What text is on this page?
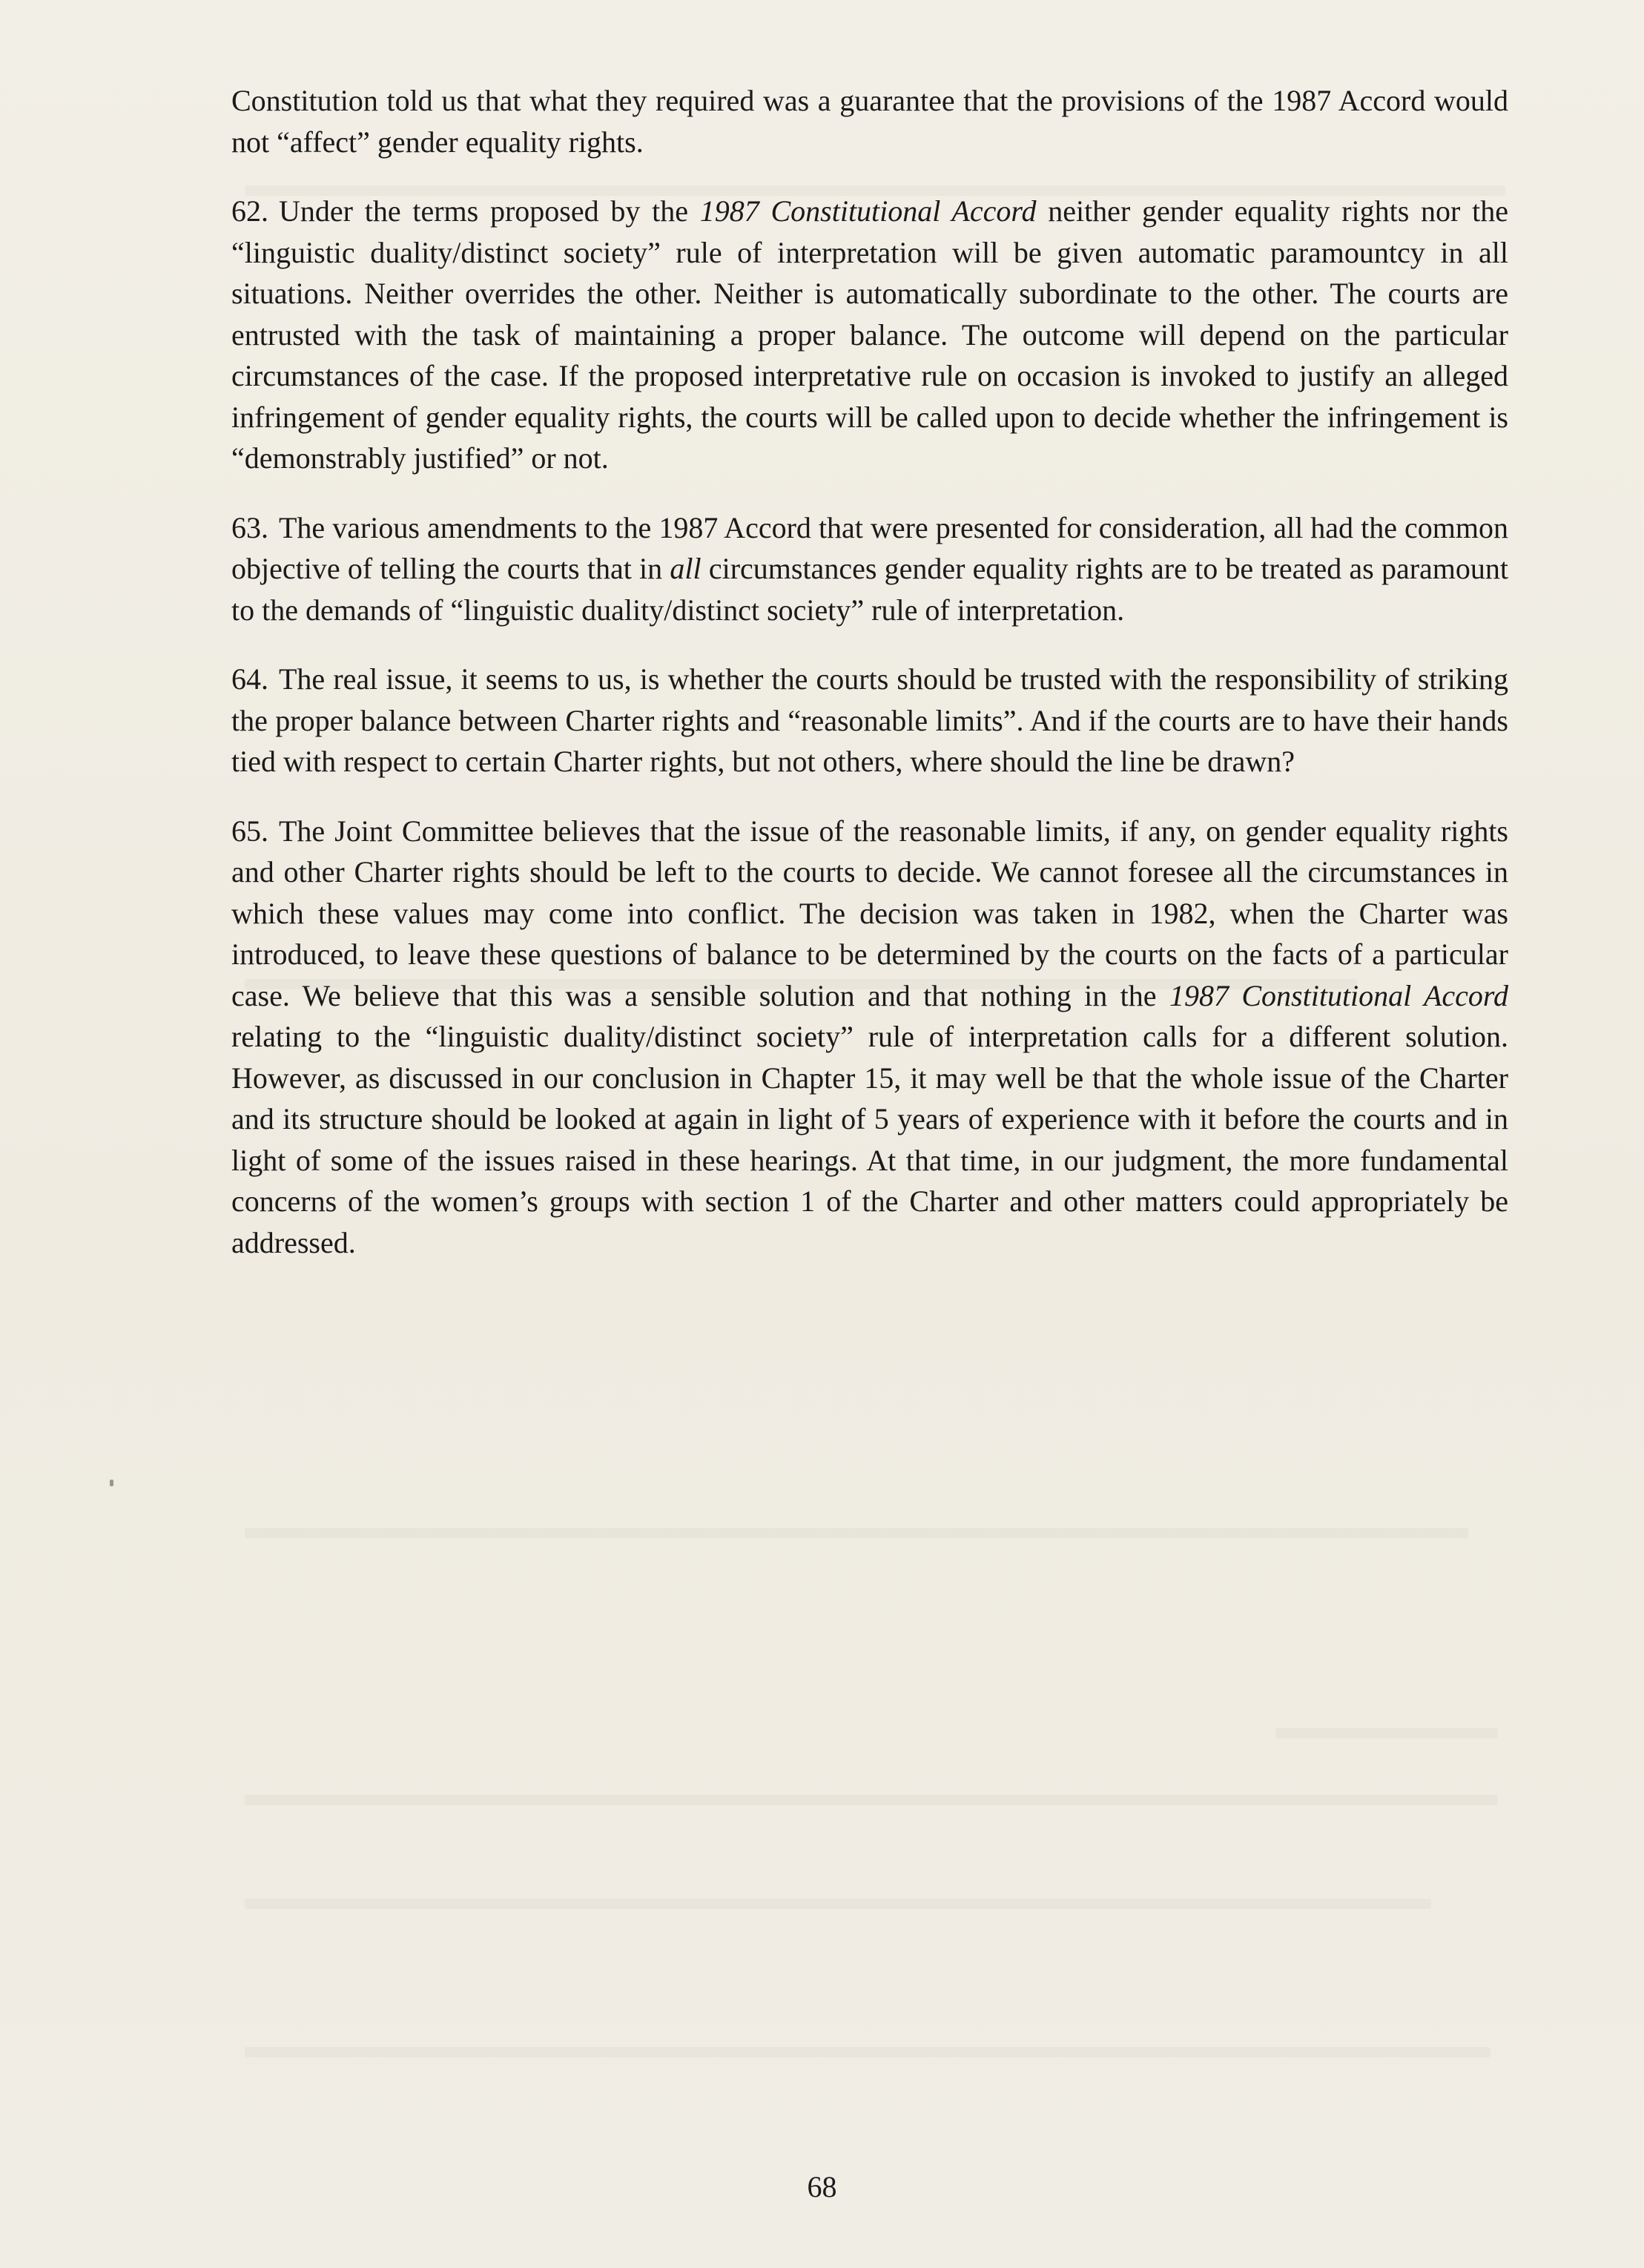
Constitution told us that what they required was a guarantee that the provisions of the 1987 Accord would not “affect” gender equality rights.

62. Under the terms proposed by the 1987 Constitutional Accord neither gender equality rights nor the “linguistic duality/distinct society” rule of interpretation will be given automatic paramountcy in all situations. Neither overrides the other. Neither is automatically subordinate to the other. The courts are entrusted with the task of maintaining a proper balance. The outcome will depend on the particular circumstances of the case. If the proposed interpretative rule on occasion is invoked to justify an alleged infringement of gender equality rights, the courts will be called upon to decide whether the infringement is “demonstrably justified” or not.

63. The various amendments to the 1987 Accord that were presented for consideration, all had the common objective of telling the courts that in all circumstances gender equality rights are to be treated as paramount to the demands of “linguistic duality/distinct society” rule of interpretation.

64. The real issue, it seems to us, is whether the courts should be trusted with the responsibility of striking the proper balance between Charter rights and “reasonable limits”. And if the courts are to have their hands tied with respect to certain Charter rights, but not others, where should the line be drawn?

65. The Joint Committee believes that the issue of the reasonable limits, if any, on gender equality rights and other Charter rights should be left to the courts to decide. We cannot foresee all the circumstances in which these values may come into conflict. The decision was taken in 1982, when the Charter was introduced, to leave these questions of balance to be determined by the courts on the facts of a particular case. We believe that this was a sensible solution and that nothing in the 1987 Constitutional Accord relating to the “linguistic duality/distinct society” rule of interpretation calls for a different solution. However, as discussed in our conclusion in Chapter 15, it may well be that the whole issue of the Charter and its structure should be looked at again in light of 5 years of experience with it before the courts and in light of some of the issues raised in these hearings. At that time, in our judgment, the more fundamental concerns of the women’s groups with section 1 of the Charter and other matters could appropriately be addressed.

68
